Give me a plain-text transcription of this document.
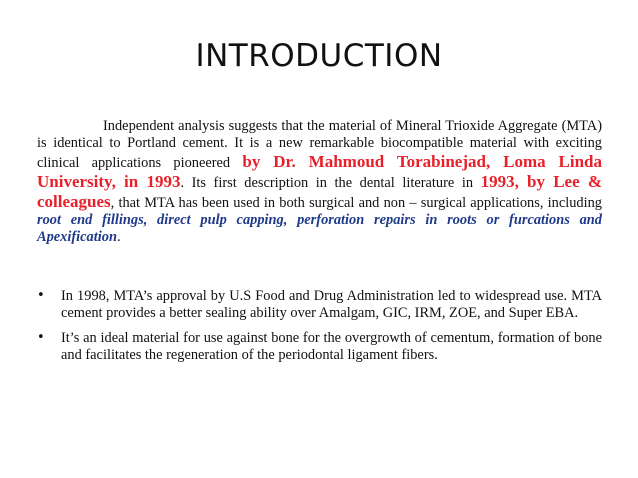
INTRODUCTION

Independent analysis suggests that the material of Mineral Trioxide Aggregate (MTA) is identical to Portland cement. It is a new remarkable biocompatible material with exciting clinical applications pioneered by Dr. Mahmoud Torabinejad, Loma Linda University, in 1993. Its first description in the dental literature in 1993, by Lee & colleagues, that MTA has been used in both surgical and non – surgical applications, including root end fillings, direct pulp capping, perforation repairs in roots or furcations and Apexification.

• In 1998, MTA’s approval by U.S Food and Drug Administration led to widespread use. MTA cement provides a better sealing ability over Amalgam, GIC, IRM, ZOE, and Super EBA.
• It’s an ideal material for use against bone for the overgrowth of cementum, formation of bone and facilitates the regeneration of the periodontal ligament fibers.
